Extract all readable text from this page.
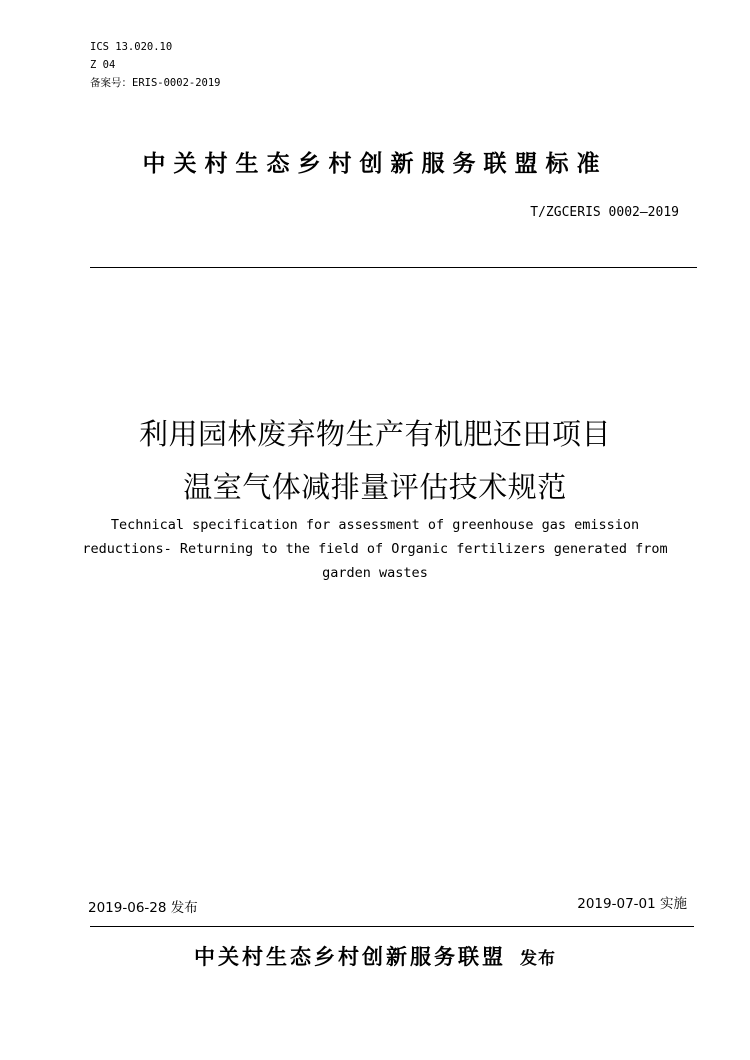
ICS 13.020.10

Z 04

备案号：ERIS-0002-2019

中关村生态乡村创新服务联盟标准

T/ZGCERIS 0002—2019

利用园林废弃物生产有机肥还田项目

温室气体减排量评估技术规范

Technical specification for assessment of greenhouse gas emission

reductions- Returning to the field of Organic fertilizers generated from

garden wastes

2019-06-28 发布	2019-07-01 实施

中关村生态乡村创新服务联盟 发布
